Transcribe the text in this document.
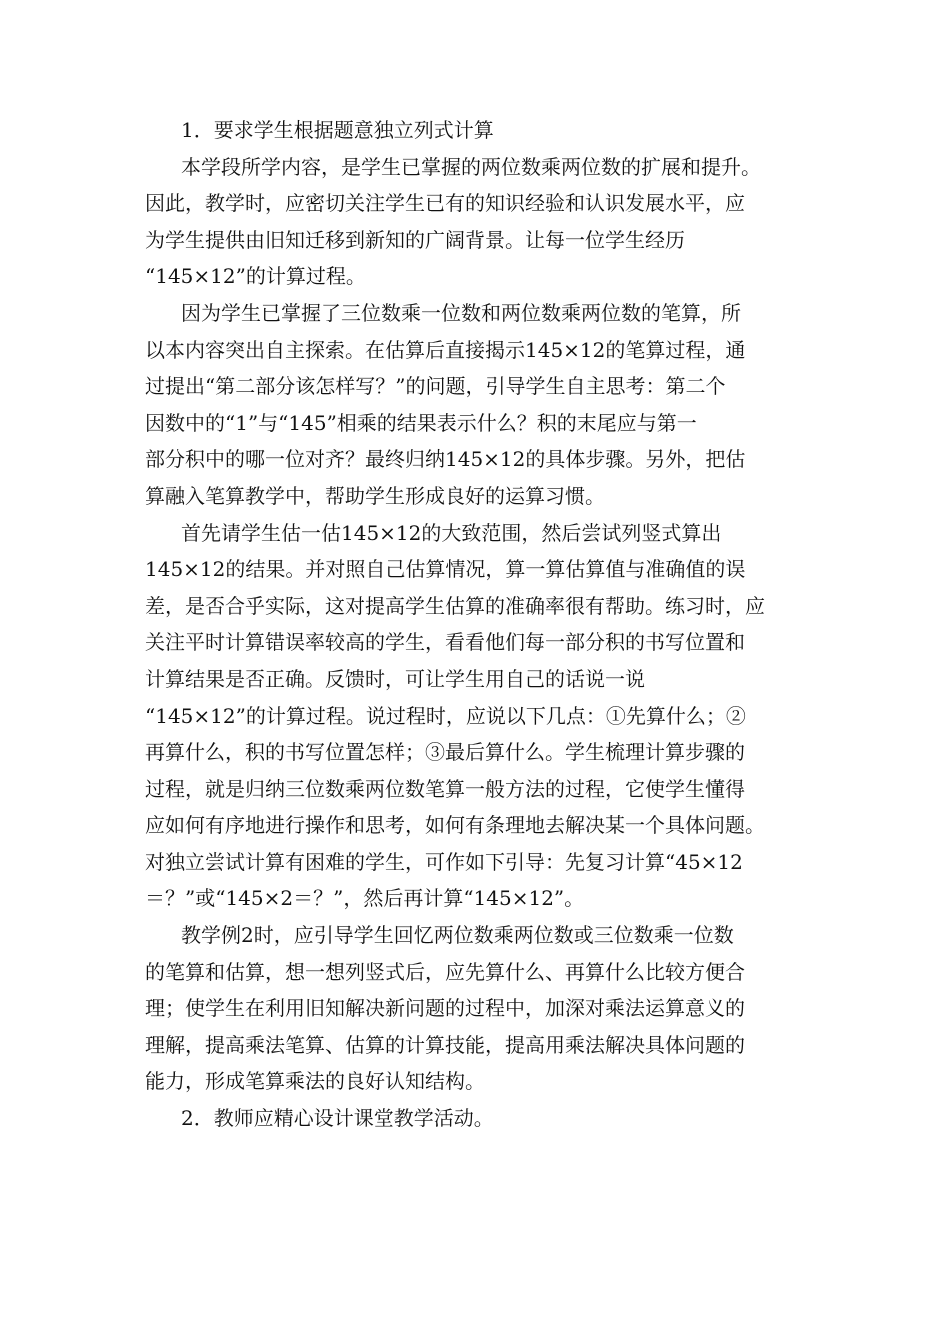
1．要求学生根据题意独立列式计算
本学段所学内容，是学生已掌握的两位数乘两位数的扩展和提升。
因此，教学时，应密切关注学生已有的知识经验和认识发展水平，应
为学生提供由旧知迁移到新知的广阔背景。让每一位学生经历
“145×12”的计算过程。
因为学生已掌握了三位数乘一位数和两位数乘两位数的笔算，所
以本内容突出自主探索。在估算后直接揭示145×12的笔算过程，通
过提出“第二部分该怎样写？”的问题，引导学生自主思考：第二个
因数中的“1”与“145”相乘的结果表示什么？积的末尾应与第一
部分积中的哪一位对齐？最终归纳145×12的具体步骤。另外，把估
算融入笔算教学中，帮助学生形成良好的运算习惯。
首先请学生估一估145×12的大致范围，然后尝试列竖式算出
145×12的结果。并对照自己估算情况，算一算估算值与准确值的误
差，是否合乎实际，这对提高学生估算的准确率很有帮助。练习时，应
关注平时计算错误率较高的学生，看看他们每一部分积的书写位置和
计算结果是否正确。反馈时，可让学生用自己的话说一说
“145×12”的计算过程。说过程时，应说以下几点：①先算什么；②
再算什么，积的书写位置怎样；③最后算什么。学生梳理计算步骤的
过程，就是归纳三位数乘两位数笔算一般方法的过程，它使学生懂得
应如何有序地进行操作和思考，如何有条理地去解决某一个具体问题。
对独立尝试计算有困难的学生，可作如下引导：先复习计算“45×12
＝？”或“145×2＝？”，然后再计算“145×12”。
教学例2时，应引导学生回忆两位数乘两位数或三位数乘一位数
的笔算和估算，想一想列竖式后，应先算什么、再算什么比较方便合
理；使学生在利用旧知解决新问题的过程中，加深对乘法运算意义的
理解，提高乘法笔算、估算的计算技能，提高用乘法解决具体问题的
能力，形成笔算乘法的良好认知结构。
2．教师应精心设计课堂教学活动。
